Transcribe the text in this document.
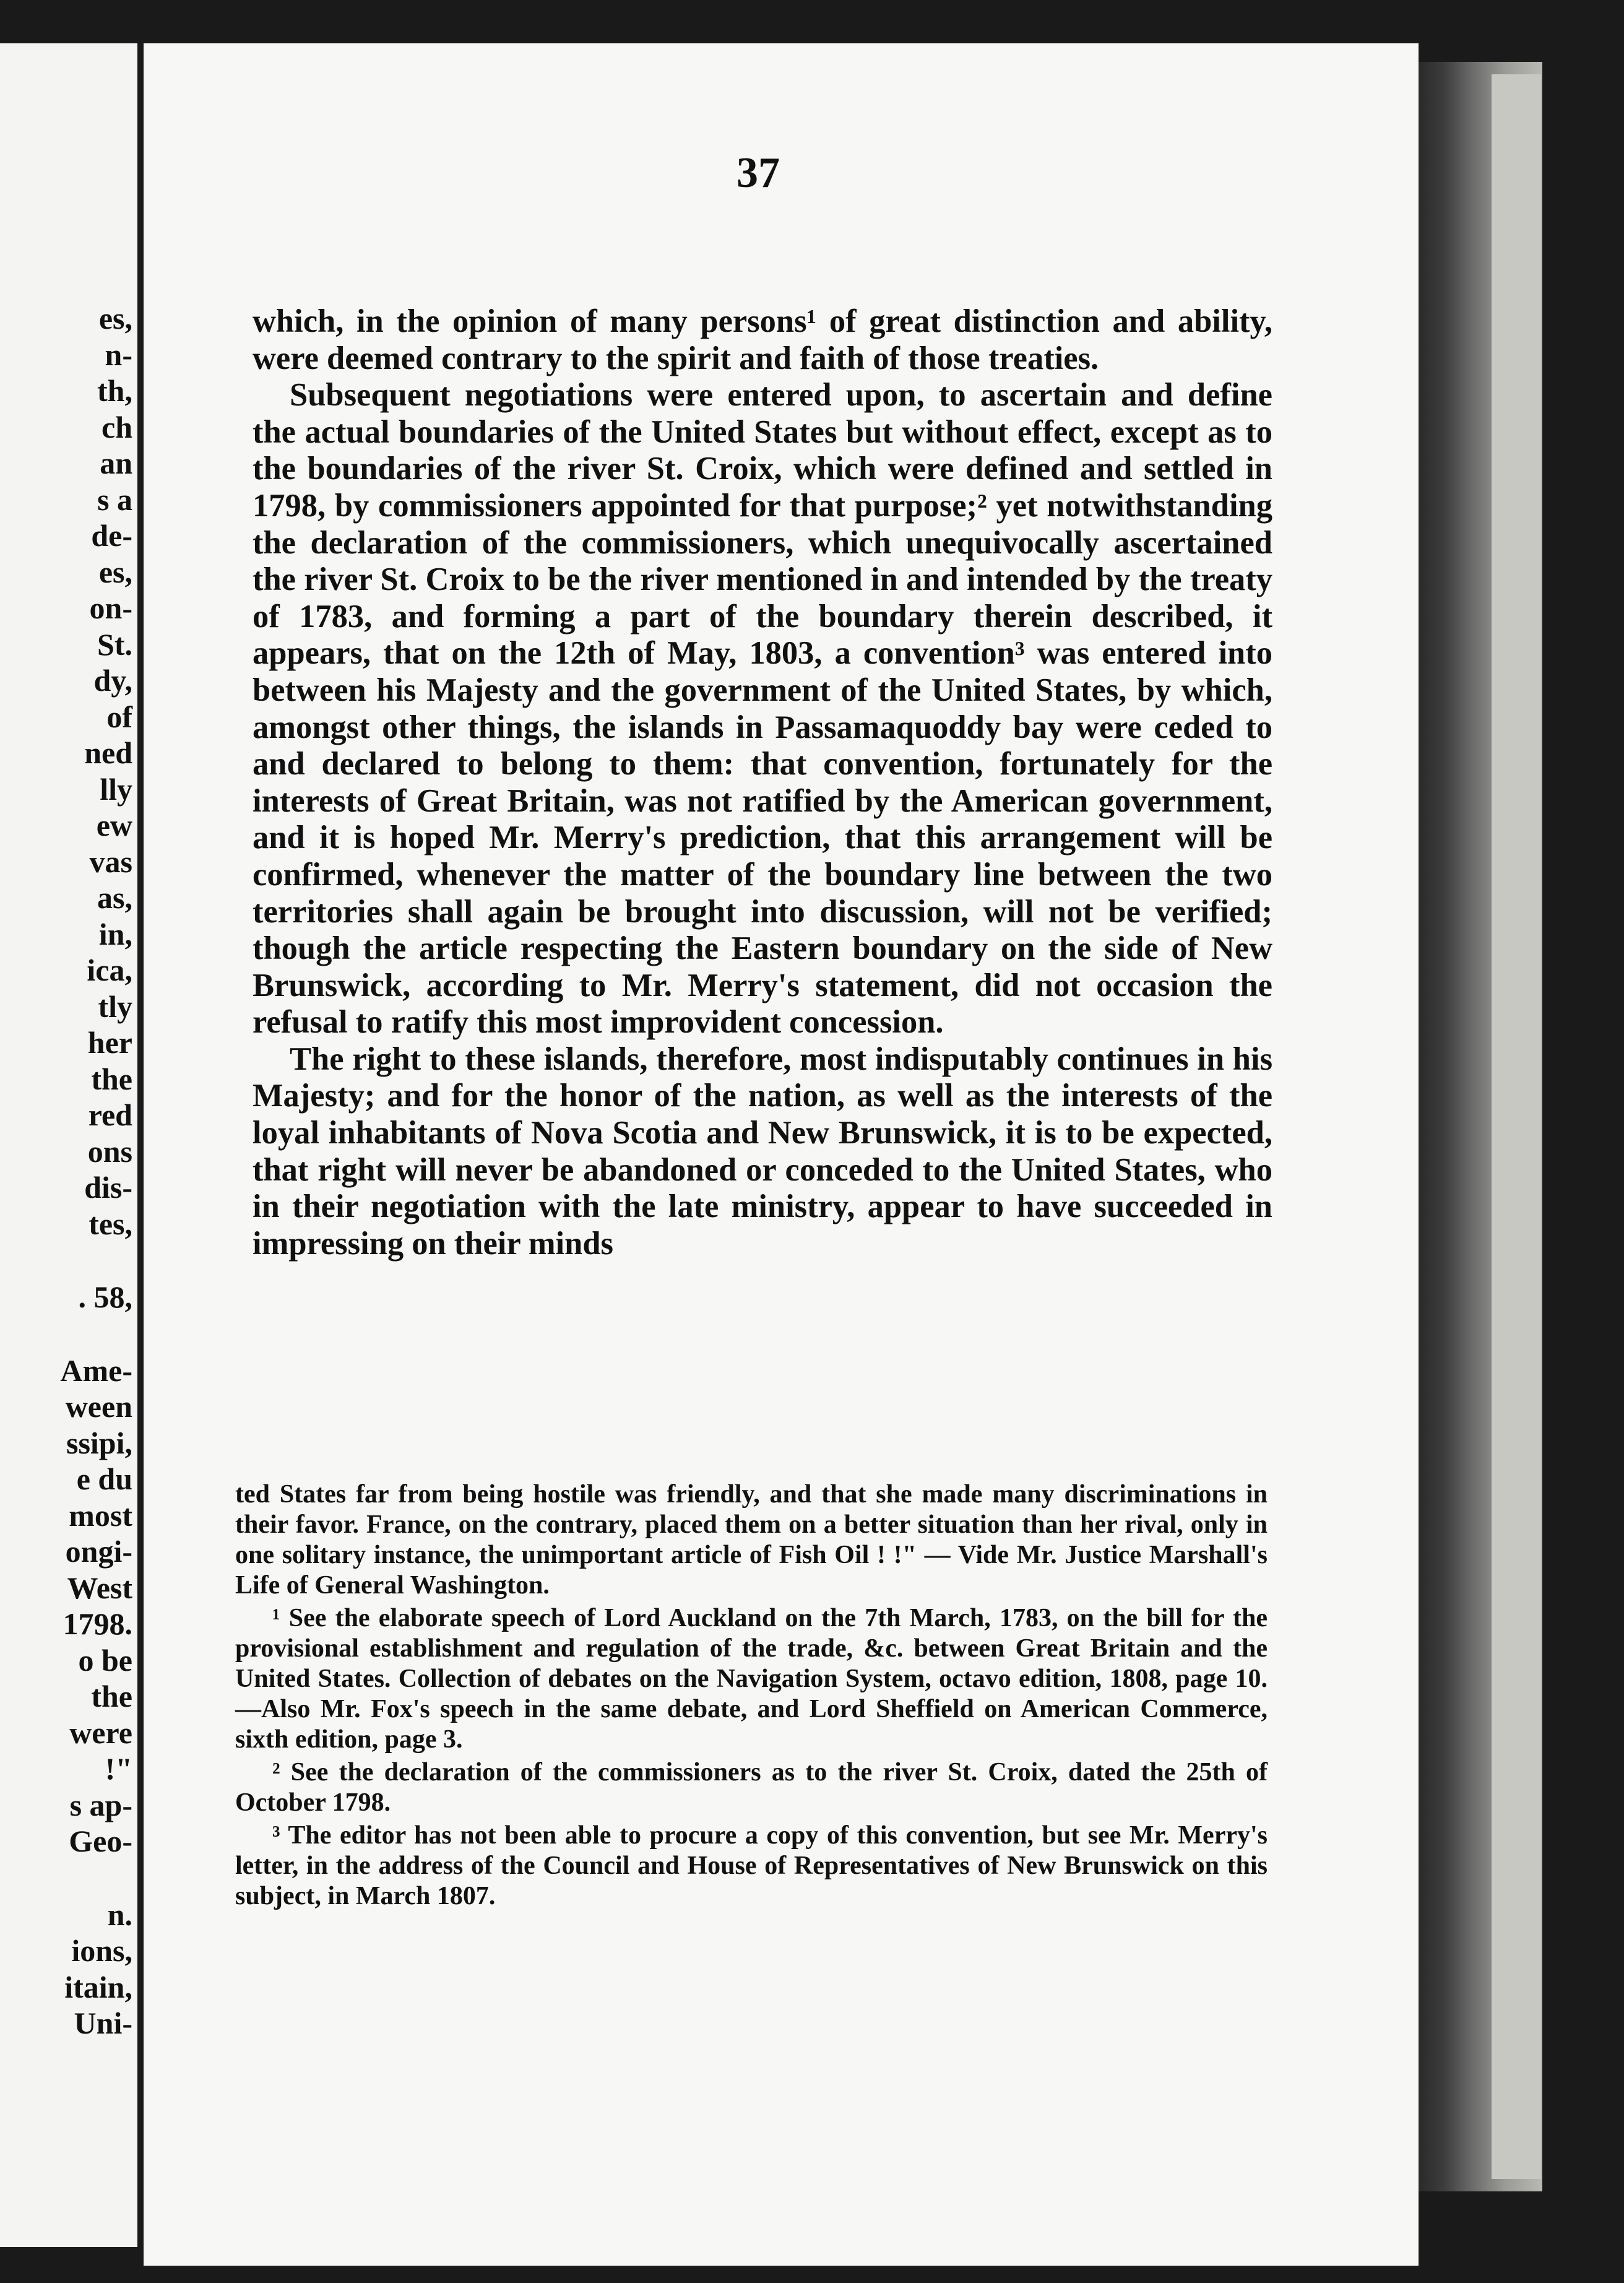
es,
n-
th,
ch
an
s a
de-
es,
on-
St.
dy,
of
ned
lly
ew
vas
as,
in,
ica,
tly
her
the
red
ons
dis-
tes,
. 58,
Ame-
ween
ssipi,
e du
most
ongi-
West
1798.
o be
the
were
!"
s ap-
Geo-
n.
ions,
itain,
Uni-
37

which, in the opinion of many persons¹ of great distinction and ability, were deemed contrary to the spirit and faith of those treaties.

Subsequent negotiations were entered upon, to ascertain and define the actual boundaries of the United States but without effect, except as to the boundaries of the river St. Croix, which were defined and settled in 1798, by commissioners appointed for that purpose;² yet notwithstanding the declaration of the commissioners, which unequivocally ascertained the river St. Croix to be the river mentioned in and intended by the treaty of 1783, and forming a part of the boundary therein described, it appears, that on the 12th of May, 1803, a convention³ was entered into between his Majesty and the government of the United States, by which, amongst other things, the islands in Passamaquoddy bay were ceded to and declared to belong to them: that convention, fortunately for the interests of Great Britain, was not ratified by the American government, and it is hoped Mr. Merry's prediction, that this arrangement will be confirmed, whenever the matter of the boundary line between the two territories shall again be brought into discussion, will not be verified; though the article respecting the Eastern boundary on the side of New Brunswick, according to Mr. Merry's statement, did not occasion the refusal to ratify this most improvident concession.

The right to these islands, therefore, most indisputably continues in his Majesty; and for the honor of the nation, as well as the interests of the loyal inhabitants of Nova Scotia and New Brunswick, it is to be expected, that right will never be abandoned or conceded to the United States, who in their negotiation with the late ministry, appear to have succeeded in impressing on their minds

ted States far from being hostile was friendly, and that she made many discriminations in their favor. France, on the contrary, placed them on a better situation than her rival, only in one solitary instance, the unimportant article of Fish Oil ! !" — Vide Mr. Justice Marshall's Life of General Washington.

¹ See the elaborate speech of Lord Auckland on the 7th March, 1783, on the bill for the provisional establishment and regulation of the trade, &c. between Great Britain and the United States. Collection of debates on the Navigation System, octavo edition, 1808, page 10.—Also Mr. Fox's speech in the same debate, and Lord Sheffield on American Commerce, sixth edition, page 3.

² See the declaration of the commissioners as to the river St. Croix, dated the 25th of October 1798.

³ The editor has not been able to procure a copy of this convention, but see Mr. Merry's letter, in the address of the Council and House of Representatives of New Brunswick on this subject, in March 1807.
